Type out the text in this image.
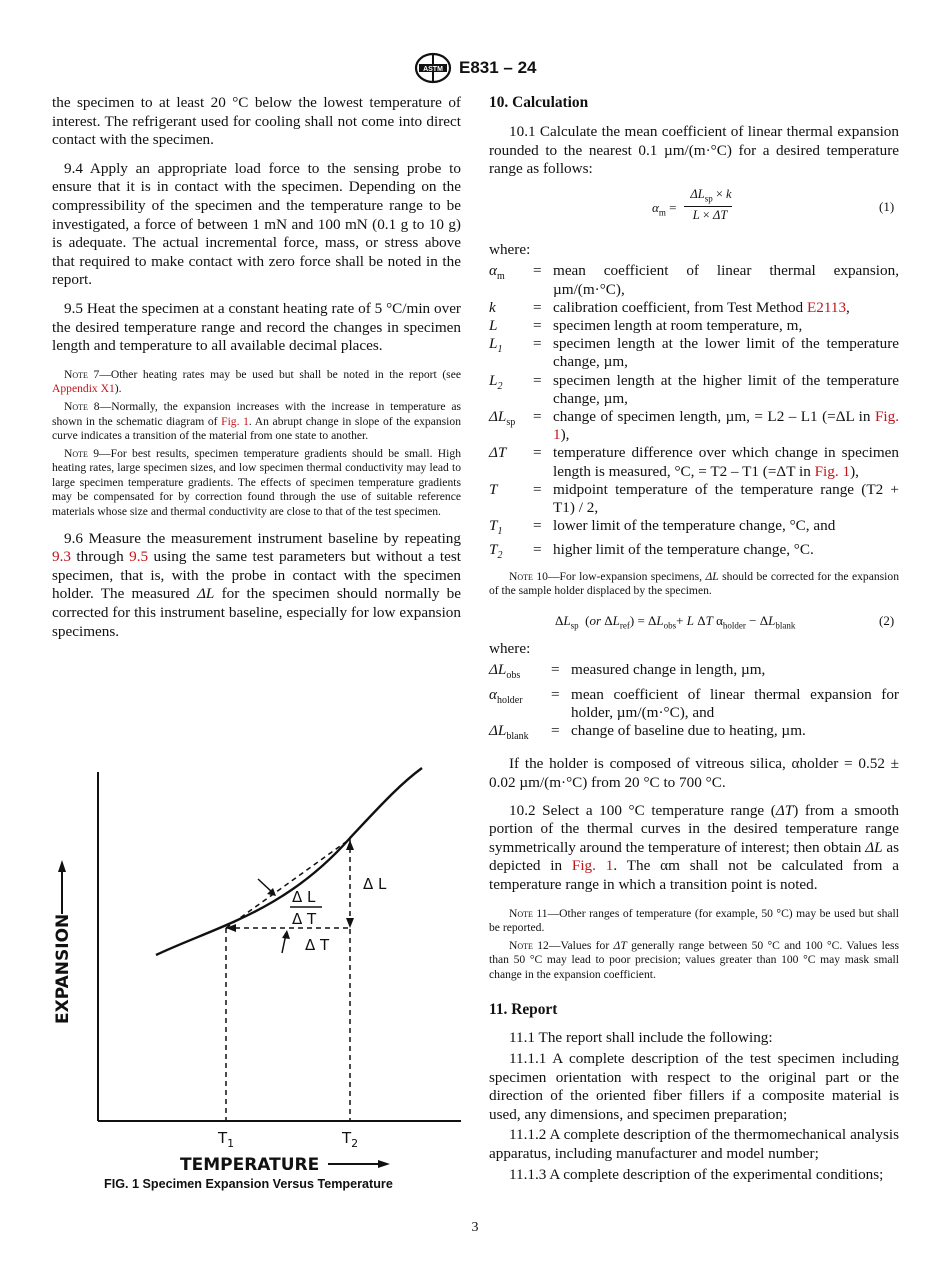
ASTM E831 – 24

the specimen to at least 20 °C below the lowest temperature of interest. The refrigerant used for cooling shall not come into direct contact with the specimen.

9.4 Apply an appropriate load force to the sensing probe to ensure that it is in contact with the specimen. Depending on the compressibility of the specimen and the temperature range to be investigated, a force of between 1 mN and 100 mN (0.1 g to 10 g) is adequate. The actual incremental force, mass, or stress above that required to make contact with zero force shall be noted in the report.

9.5 Heat the specimen at a constant heating rate of 5 °C/min over the desired temperature range and record the changes in specimen length and temperature to all available decimal places.

Note 7—Other heating rates may be used but shall be noted in the report (see Appendix X1).

Note 8—Normally, the expansion increases with the increase in temperature as shown in the schematic diagram of Fig. 1. An abrupt change in slope of the expansion curve indicates a transition of the material from one state to another.

Note 9—For best results, specimen temperature gradients should be small. High heating rates, large specimen sizes, and low specimen thermal conductivity may lead to large specimen temperature gradients. The effects of specimen temperature gradients may be compensated for by correction found through the use of suitable reference materials whose size and thermal conductivity are close to that of the test specimen.

9.6 Measure the measurement instrument baseline by repeating 9.3 through 9.5 using the same test parameters but without a test specimen, that is, with the probe in contact with the specimen holder. The measured ΔL for the specimen should normally be corrected for this instrument baseline, especially for low expansion specimens.

Δ L
Δ L
Δ T
Δ T
EXPANSION
$T_1$	$T_2$
TEMPERATURE
FIG. 1 Specimen Expansion Versus Temperature
10. Calculation

10.1 Calculate the mean coefficient of linear thermal expansion rounded to the nearest 0.1 µm/(m·°C) for a desired temperature range as follows:

$\alpha_m$ =
$\Delta L_{sp} \times k$
L × ΔT
(1)
where:
$\alpha_m$	= mean coefficient of linear thermal expansion, µm/(m·°C),
k	= calibration coefficient, from Test Method E2113,
L	= specimen length at room temperature, m,
$L_1$	= specimen length at the lower limit of the temperature change, µm,
$L_2$	= specimen length at the higher limit of the temperature change, µm,
$\Delta L_{sp}$	= change of specimen length, µm, = L2 – L1 (=ΔL in Fig. 1),
ΔT	= temperature difference over which change in specimen length is measured, °C, = T2 – T1 (=ΔT in Fig. 1),
T	= midpoint temperature of the temperature range (T2 + T1) / 2,
$T_1$	= lower limit of the temperature change, °C, and
$T_2$	= higher limit of the temperature change, °C.

Note 10—For low-expansion specimens, ΔL should be corrected for the expansion of the sample holder displaced by the specimen.

$\Delta L_{sp}$  (or $\Delta L_{ref}) = \Delta L_{obs}+ L$ ΔT $\alpha_{holder} - \Delta L_{blank}$	(2)
where:
$\Delta L_{obs}$	= measured change in length, µm,
$\alpha_{holder}$	= mean coefficient of linear thermal expansion for holder, µm/(m·°C), and
$\Delta L_{blank}$	= change of baseline due to heating, µm.

If the holder is composed of vitreous silica, αholder = 0.52 ± 0.02 µm/(m·°C) from 20 °C to 700 °C.

10.2 Select a 100 °C temperature range (ΔT) from a smooth portion of the thermal curves in the desired temperature range symmetrically around the temperature of interest; then obtain ΔL as depicted in Fig. 1. The αm shall not be calculated from a temperature range in which a transition point is noted.

Note 11—Other ranges of temperature (for example, 50 °C) may be used but shall be reported.

Note 12—Values for ΔT generally range between 50 °C and 100 °C. Values less than 50 °C may lead to poor precision; values greater than 100 °C may mask small change in the expansion coefficient.

11. Report

11.1 The report shall include the following:

11.1.1 A complete description of the test specimen including specimen orientation with respect to the original part or the direction of the oriented fiber fillers if a composite material is used, any dimensions, and specimen preparation;

11.1.2 A complete description of the thermomechanical analysis apparatus, including manufacturer and model number;

11.1.3 A complete description of the experimental conditions;

3
